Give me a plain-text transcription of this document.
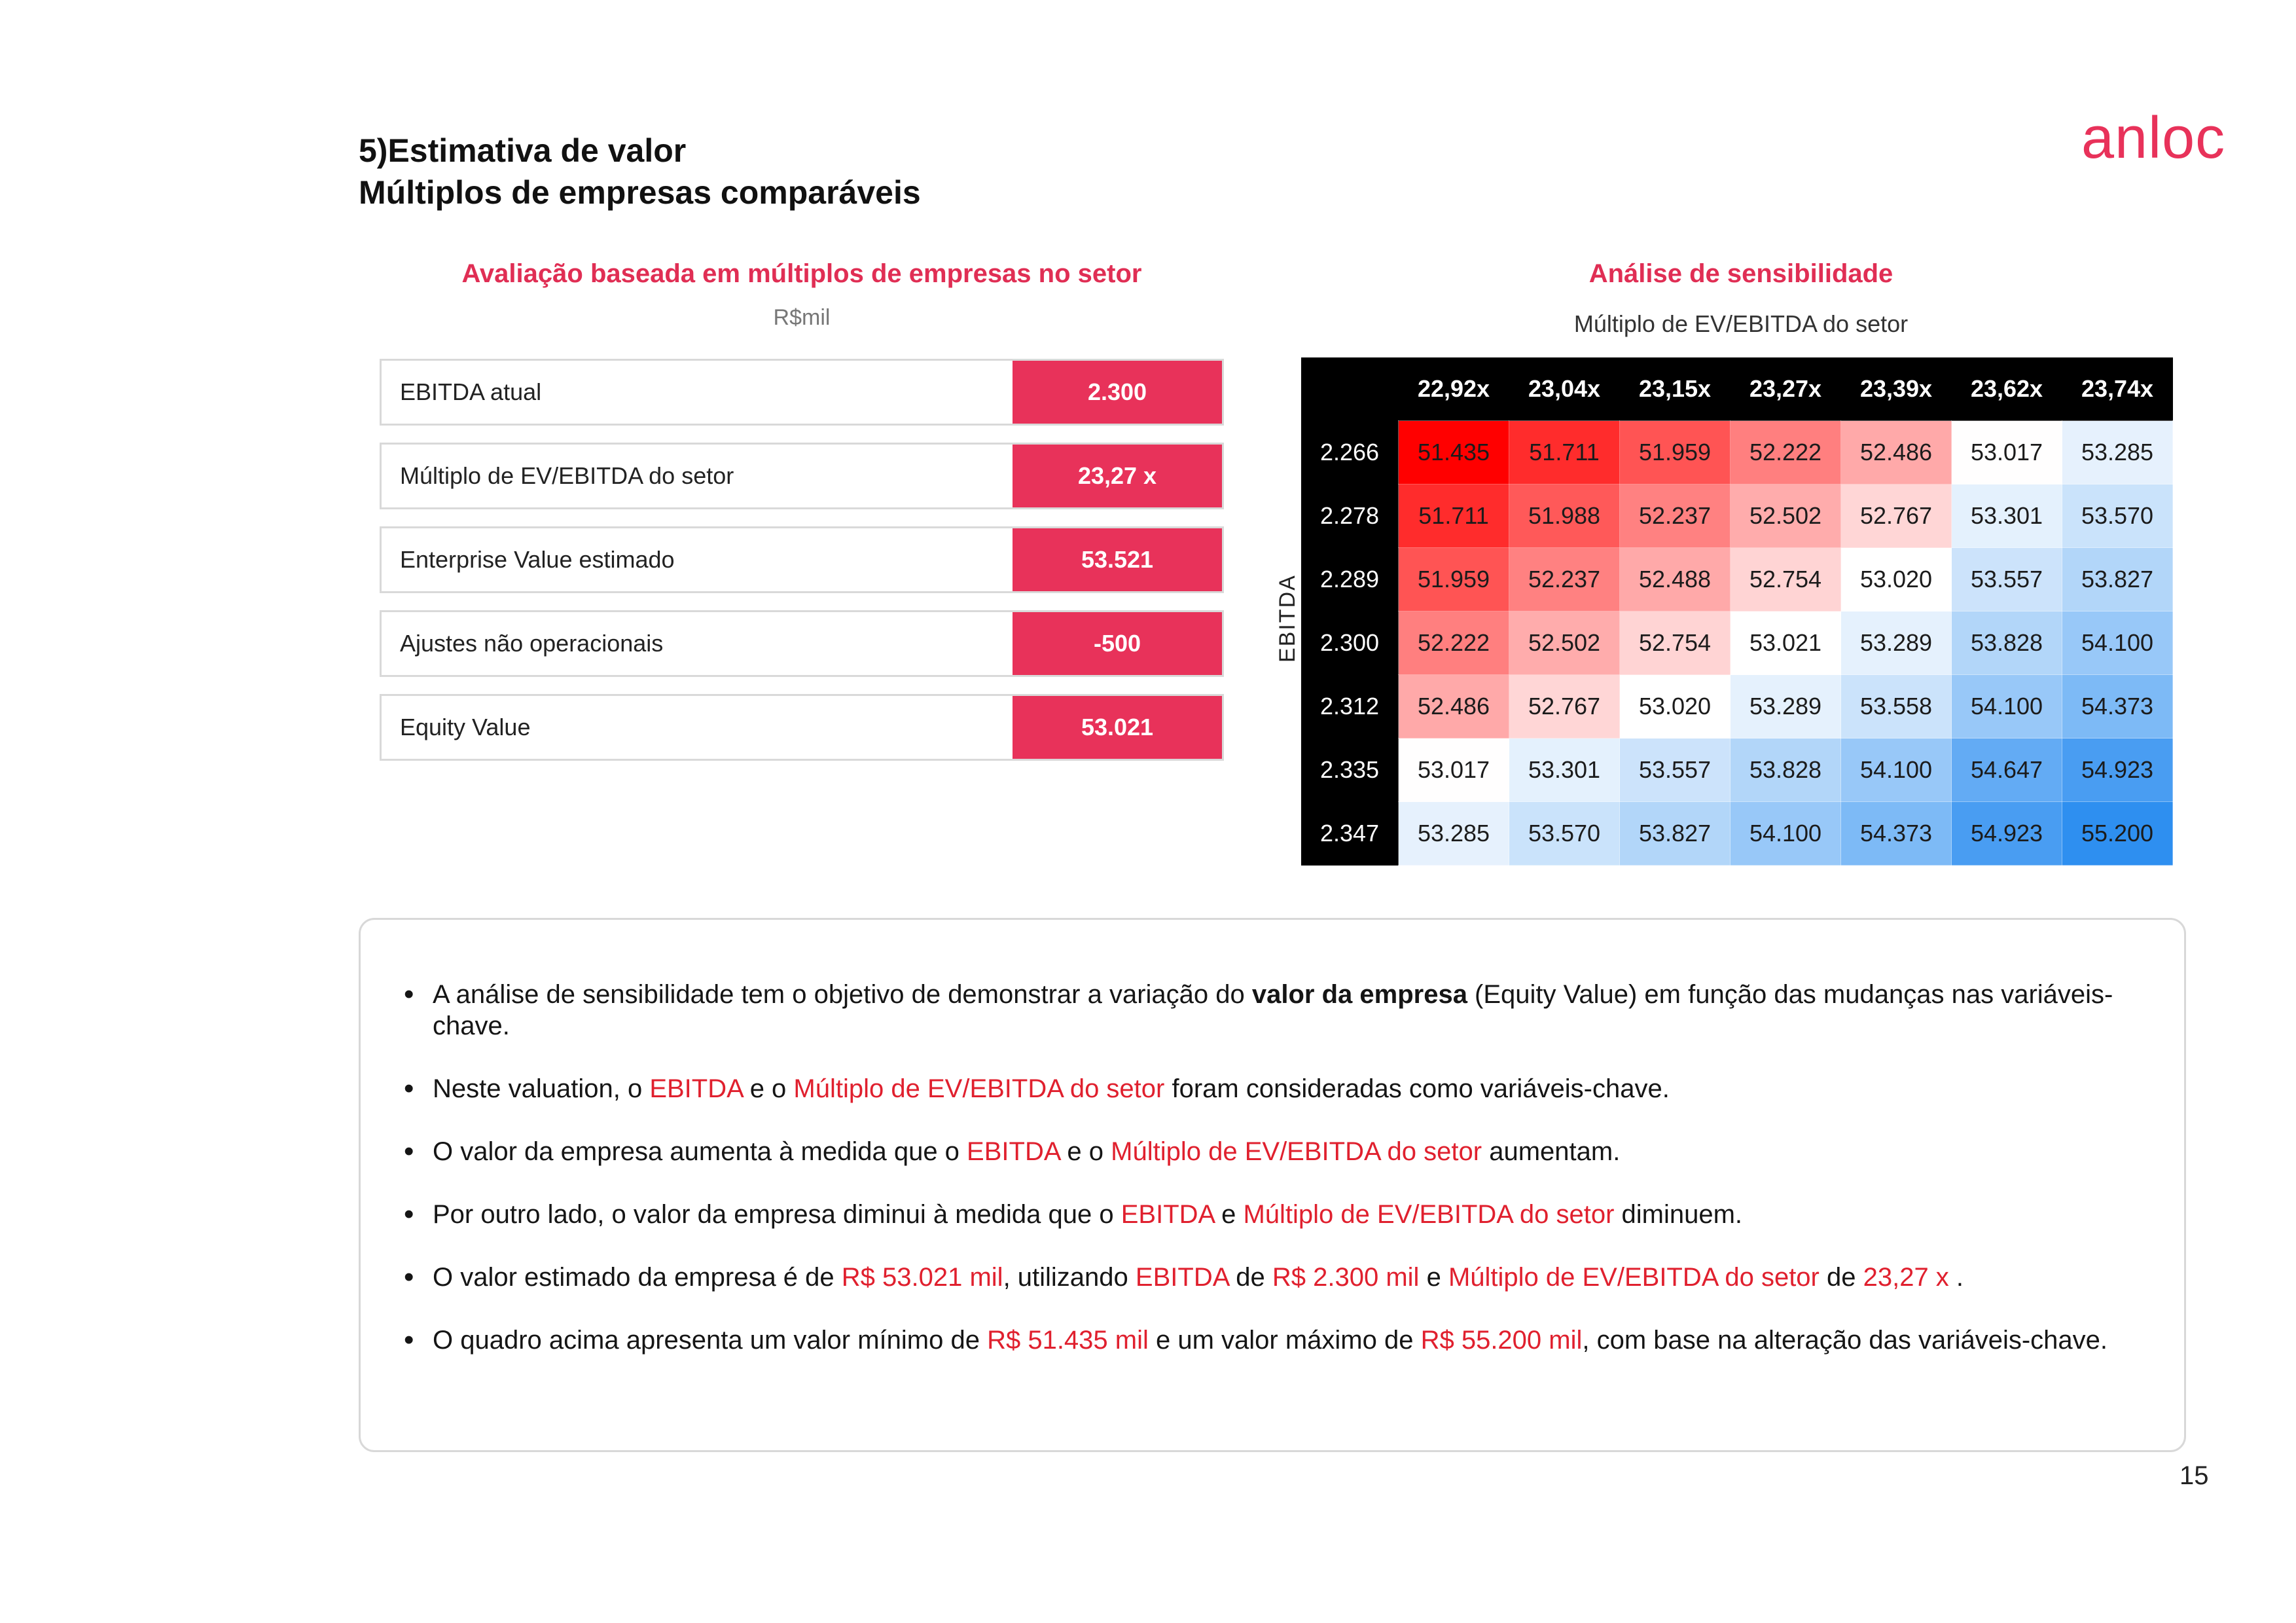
5)Estimativa de valor
Múltiplos de empresas comparáveis
anloc
Avaliação baseada em múltiplos de empresas no setor
R$mil
EBITDA atual	2.300
Múltiplo de EV/EBITDA do setor	23,27 x
Enterprise Value estimado	53.521
Ajustes não operacionais	-500
Equity Value	53.021
Análise de sensibilidade
Múltiplo de EV/EBITDA do setor
EBITDA
	22,92x	23,04x	23,15x	23,27x	23,39x	23,62x	23,74x
2.266	51.435	51.711	51.959	52.222	52.486	53.017	53.285
2.278	51.711	51.988	52.237	52.502	52.767	53.301	53.570
2.289	51.959	52.237	52.488	52.754	53.020	53.557	53.827
2.300	52.222	52.502	52.754	53.021	53.289	53.828	54.100
2.312	52.486	52.767	53.020	53.289	53.558	54.100	54.373
2.335	53.017	53.301	53.557	53.828	54.100	54.647	54.923
2.347	53.285	53.570	53.827	54.100	54.373	54.923	55.200
• A análise de sensibilidade tem o objetivo de demonstrar a variação do valor da empresa (Equity Value) em função das mudanças nas variáveis-chave.
• Neste valuation, o EBITDA e o Múltiplo de EV/EBITDA do setor foram consideradas como variáveis-chave.
• O valor da empresa aumenta à medida que o EBITDA e o Múltiplo de EV/EBITDA do setor aumentam.
• Por outro lado, o valor da empresa diminui à medida que o EBITDA e Múltiplo de EV/EBITDA do setor diminuem.
• O valor estimado da empresa é de R$ 53.021 mil, utilizando EBITDA de R$ 2.300 mil e Múltiplo de EV/EBITDA do setor de 23,27 x .
• O quadro acima apresenta um valor mínimo de R$ 51.435 mil e um valor máximo de R$ 55.200 mil, com base na alteração das variáveis-chave.
15
